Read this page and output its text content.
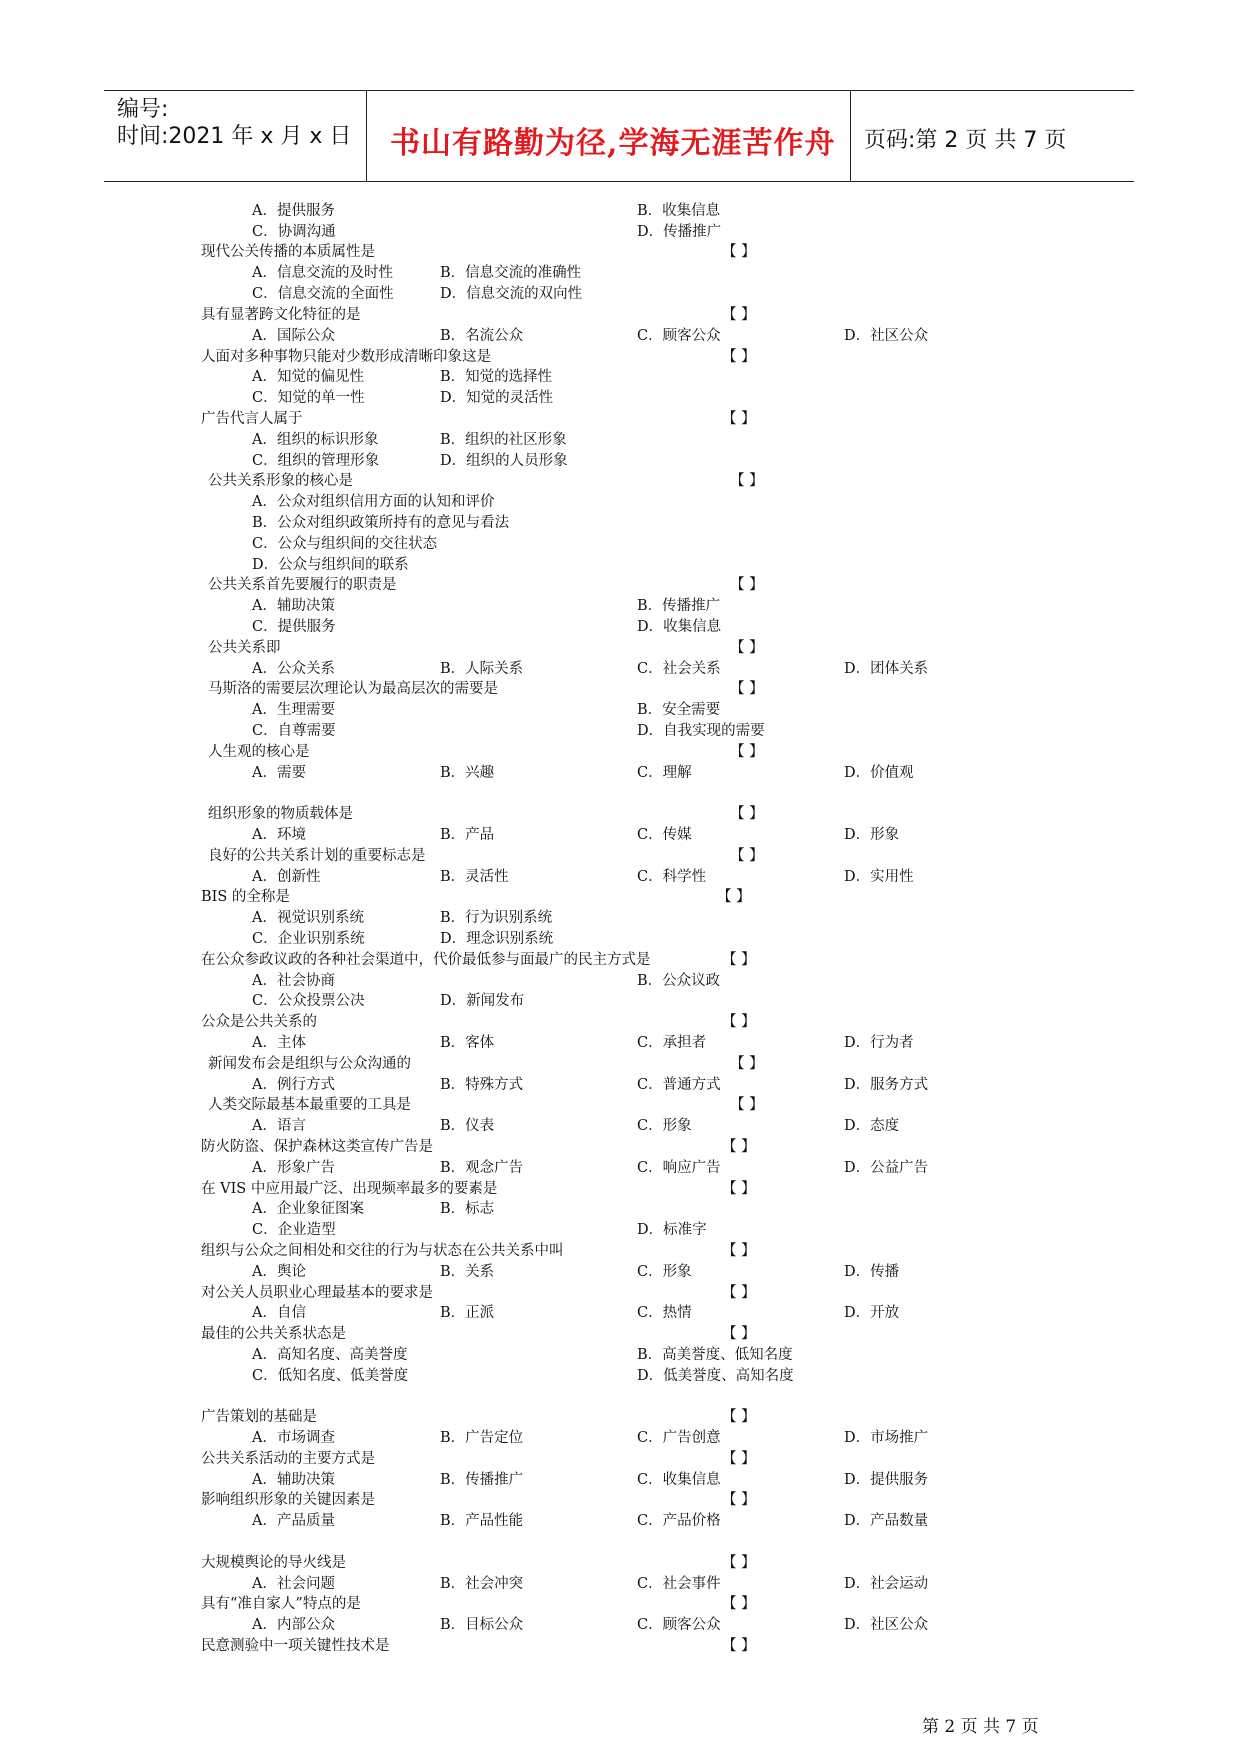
编号:
时间:2021 年 x 月 x 日 书山有路勤为径,学海无涯苦作舟 页码:第 2 页 共 7 页
A．提供服务	B．收集信息
C．协调沟通	D．传播推广
现代公关传播的本质属性是	【 】
A．信息交流的及时性	B．信息交流的准确性
C．信息交流的全面性	D．信息交流的双向性
具有显著跨文化特征的是	【 】
A．国际公众	B．名流公众	C．顾客公众	D．社区公众
人面对多种事物只能对少数形成清晰印象这是	【 】
A．知觉的偏见性	B．知觉的选择性
C．知觉的单一性	D．知觉的灵活性
广告代言人属于	【 】
A．组织的标识形象	B．组织的社区形象
C．组织的管理形象	D．组织的人员形象
公共关系形象的核心是	【 】
A．公众对组织信用方面的认知和评价
B．公众对组织政策所持有的意见与看法
C．公众与组织间的交往状态
D．公众与组织间的联系
公共关系首先要履行的职责是	【 】
A．辅助决策	B．传播推广
C．提供服务	D．收集信息
公共关系即	【 】
A．公众关系	B．人际关系	C．社会关系	D．团体关系
马斯洛的需要层次理论认为最高层次的需要是	【 】
A．生理需要	B．安全需要
C．自尊需要	D．自我实现的需要
人生观的核心是	【 】
A．需要	B．兴趣	C．理解	D．价值观
组织形象的物质载体是	【 】
A．环境	B．产品	C．传媒	D．形象
良好的公共关系计划的重要标志是	【 】
A．创新性	B．灵活性	C．科学性	D．实用性
BIS 的全称是	【 】
A．视觉识别系统	B．行为识别系统
C．企业识别系统	D．理念识别系统
在公众参政议政的各种社会渠道中，代价最低参与面最广的民主方式是	【 】
A．社会协商	B．公众议政
C．公众投票公决	D．新闻发布
公众是公共关系的	【 】
A．主体	B．客体	C．承担者	D．行为者
新闻发布会是组织与公众沟通的	【 】
A．例行方式	B．特殊方式	C．普通方式	D．服务方式
人类交际最基本最重要的工具是	【 】
A．语言	B．仪表	C．形象	D．态度
防火防盗、保护森林这类宣传广告是	【 】
A．形象广告	B．观念广告	C．响应广告	D．公益广告
在 VIS 中应用最广泛、出现频率最多的要素是	【 】
A．企业象征图案	B．标志
C．企业造型	D．标准字
组织与公众之间相处和交往的行为与状态在公共关系中叫	【 】
A．舆论	B．关系	C．形象	D．传播
对公关人员职业心理最基本的要求是	【 】
A．自信	B．正派	C．热情	D．开放
最佳的公共关系状态是	【 】
A．高知名度、高美誉度	B．高美誉度、低知名度
C．低知名度、低美誉度	D．低美誉度、高知名度
广告策划的基础是	【 】
A．市场调查	B．广告定位	C．广告创意	D．市场推广
公共关系活动的主要方式是	【 】
A．辅助决策	B．传播推广	C．收集信息	D．提供服务
影响组织形象的关键因素是	【 】
A．产品质量	B．产品性能	C．产品价格	D．产品数量
大规模舆论的导火线是	【 】
A．社会问题	B．社会冲突	C．社会事件	D．社会运动
具有“准自家人”特点的是	【 】
A．内部公众	B．目标公众	C．顾客公众	D．社区公众
民意测验中一项关键性技术是	【 】
第 2 页 共 7 页
